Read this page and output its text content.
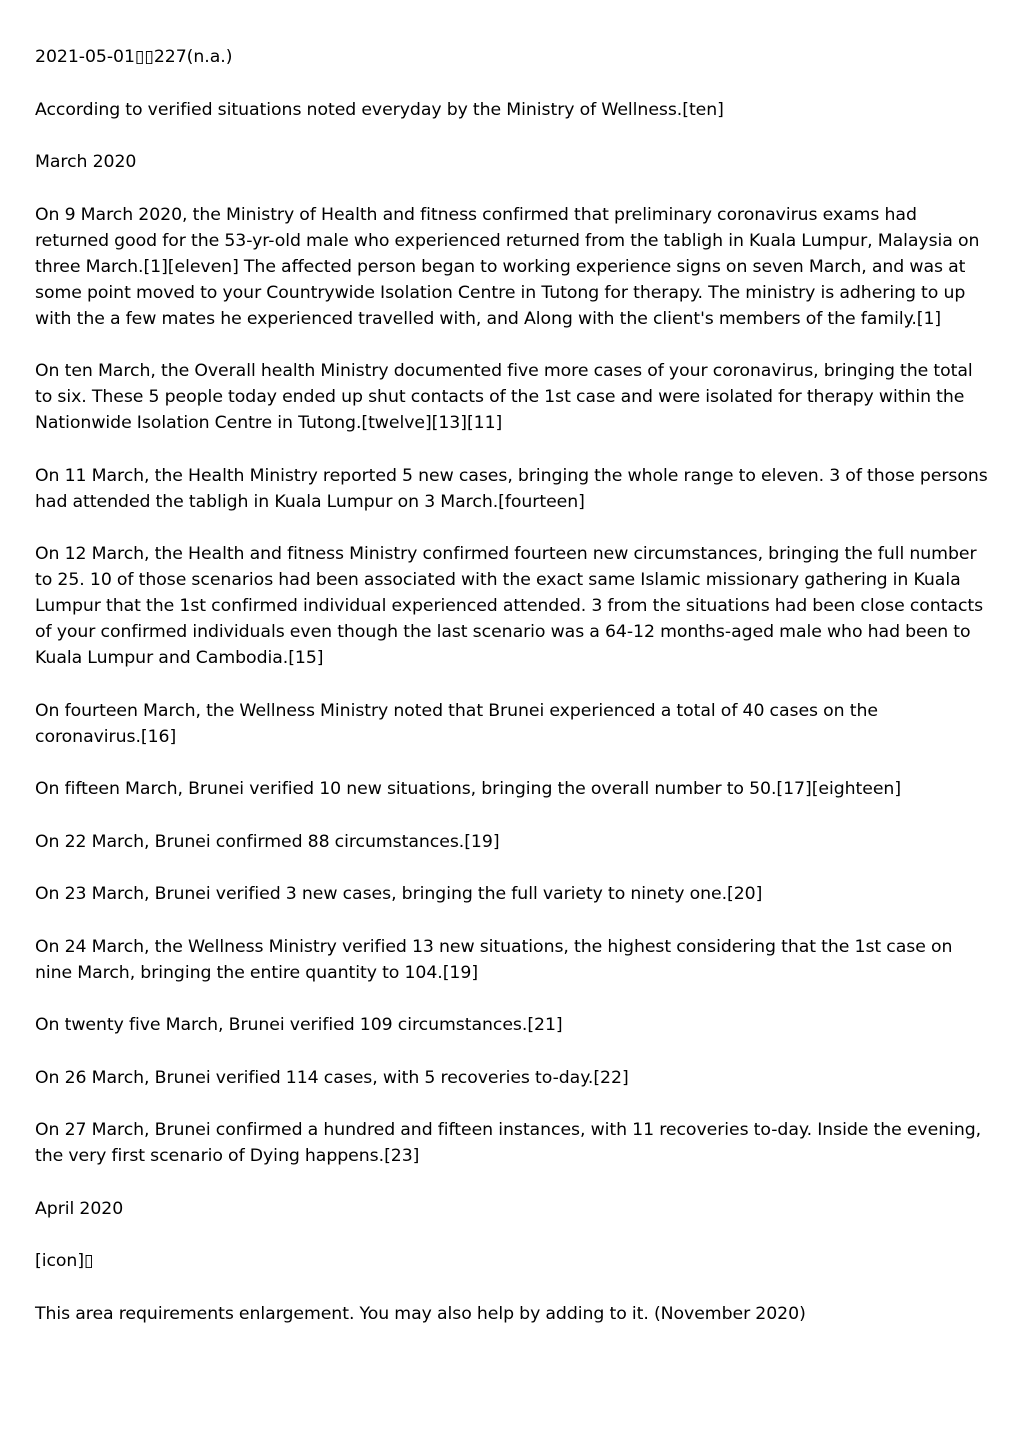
2021-05-01▯▯227(n.a.)

According to verified situations noted everyday by the Ministry of Wellness.[ten]

March 2020

On 9 March 2020, the Ministry of Health and fitness confirmed that preliminary coronavirus exams had returned good for the 53-yr-old male who experienced returned from the tabligh in Kuala Lumpur, Malaysia on three March.[1][eleven] The affected person began to working experience signs on seven March, and was at some point moved to your Countrywide Isolation Centre in Tutong for therapy. The ministry is adhering to up with the a few mates he experienced travelled with, and Along with the client's members of the family.[1]

On ten March, the Overall health Ministry documented five more cases of your coronavirus, bringing the total to six. These 5 people today ended up shut contacts of the 1st case and were isolated for therapy within the Nationwide Isolation Centre in Tutong.[twelve][13][11]

On 11 March, the Health Ministry reported 5 new cases, bringing the whole range to eleven. 3 of those persons had attended the tabligh in Kuala Lumpur on 3 March.[fourteen]

On 12 March, the Health and fitness Ministry confirmed fourteen new circumstances, bringing the full number to 25. 10 of those scenarios had been associated with the exact same Islamic missionary gathering in Kuala Lumpur that the 1st confirmed individual experienced attended. 3 from the situations had been close contacts of your confirmed individuals even though the last scenario was a 64-12 months-aged male who had been to Kuala Lumpur and Cambodia.[15]

On fourteen March, the Wellness Ministry noted that Brunei experienced a total of 40 cases on the coronavirus.[16]

On fifteen March, Brunei verified 10 new situations, bringing the overall number to 50.[17][eighteen]

On 22 March, Brunei confirmed 88 circumstances.[19]

On 23 March, Brunei verified 3 new cases, bringing the full variety to ninety one.[20]

On 24 March, the Wellness Ministry verified 13 new situations, the highest considering that the 1st case on nine March, bringing the entire quantity to 104.[19]

On twenty five March, Brunei verified 109 circumstances.[21]

On 26 March, Brunei verified 114 cases, with 5 recoveries to-day.[22]

On 27 March, Brunei confirmed a hundred and fifteen instances, with 11 recoveries to-day. Inside the evening, the very first scenario of Dying happens.[23]

April 2020

[icon]▯

This area requirements enlargement. You may also help by adding to it. (November 2020)
